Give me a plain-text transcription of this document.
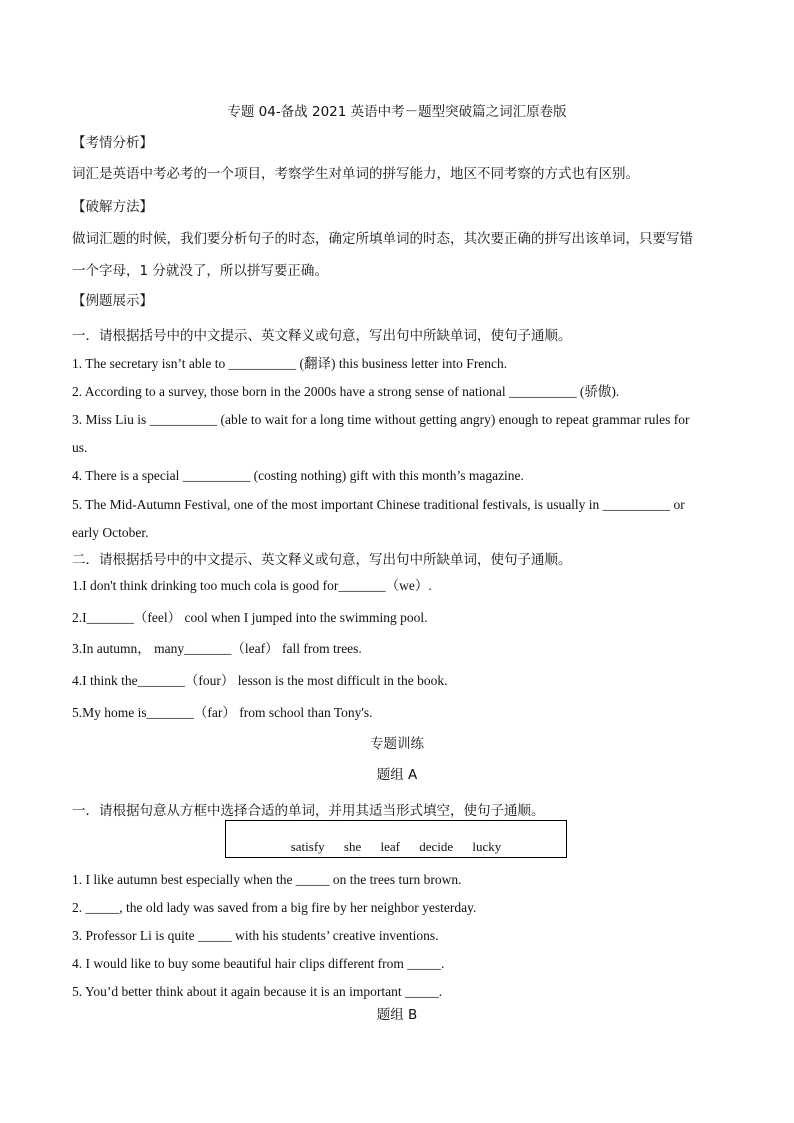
专题 04-备战 2021 英语中考－题型突破篇之词汇原卷版
【考情分析】
词汇是英语中考必考的一个项目，考察学生对单词的拼写能力，地区不同考察的方式也有区别。
【破解方法】
做词汇题的时候，我们要分析句子的时态，确定所填单词的时态，其次要正确的拼写出该单词，只要写错
一个字母，1 分就没了，所以拼写要正确。
【例题展示】
一．请根据括号中的中文提示、英文释义或句意，写出句中所缺单词，使句子通顺。
1. The secretary isn’t able to __________ (翻译) this business letter into French.
2. According to a survey, those born in the 2000s have a strong sense of national __________ (骄傲).
3. Miss Liu is __________ (able to wait for a long time without getting angry) enough to repeat grammar rules for
us.
4. There is a special __________ (costing nothing) gift with this month’s magazine.
5. The Mid-Autumn Festival, one of the most important Chinese traditional festivals, is usually in __________ or
early October.
二．请根据括号中的中文提示、英文释义或句意，写出句中所缺单词，使句子通顺。
1.I don't think drinking too much cola is good for_______（we）.
2.I_______（feel） cool when I jumped into the swimming pool.
3.In autumn， many_______（leaf） fall from trees.
4.I think the_______（four） lesson is the most difficult in the book.
5.My home is_______（far） from school than Tony's.
专题训练
题组 A
一．请根据句意从方框中选择合适的单词，并用其适当形式填空，使句子通顺。
satisfy she leaf decide lucky
1. I like autumn best especially when the _____ on the trees turn brown.
2. _____, the old lady was saved from a big fire by her neighbor yesterday.
3. Professor Li is quite _____ with his students’ creative inventions.
4. I would like to buy some beautiful hair clips different from _____.
5. You’d better think about it again because it is an important _____.
题组 B
